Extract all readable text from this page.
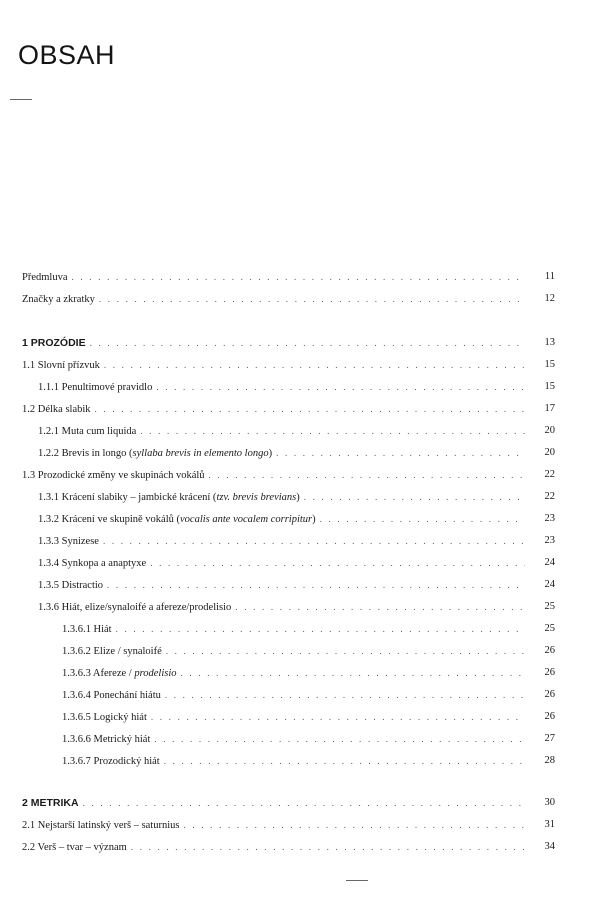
OBSAH
Předmluva . . .	11
Značky a zkratky . . .	12
1 PROZÓDIE . . .	13
1.1 Slovní přízvuk . . .	15
1.1.1 Penultimové pravidlo . . .	15
1.2 Délka slabik . . .	17
1.2.1 Muta cum liquida . . .	20
1.2.2 Brevis in longo (syllaba brevis in elemento longo) . . .	20
1.3 Prozodické změny ve skupinách vokálů . . .	22
1.3.1 Krácení slabiky – jambické krácení (tzv. brevis brevians) . . .	22
1.3.2 Krácení ve skupině vokálů (vocalis ante vocalem corripitur) . . .	23
1.3.3 Synizese . . .	23
1.3.4 Synkopa a anaptyxe . . .	24
1.3.5 Distractio . . .	24
1.3.6 Hiát, elize/synaloifé a afereze/prodelisio . . .	25
1.3.6.1 Hiát . . .	25
1.3.6.2 Elize / synaloifé . . .	26
1.3.6.3 Afereze / prodelisio . . .	26
1.3.6.4 Ponechání hiátu . . .	26
1.3.6.5 Logický hiát . . .	26
1.3.6.6 Metrický hiát . . .	27
1.3.6.7 Prozodický hiát . . .	28
2 METRIKA . . .	30
2.1 Nejstarší latinský verš – saturnius . . .	31
2.2 Verš – tvar – význam . . .	34
